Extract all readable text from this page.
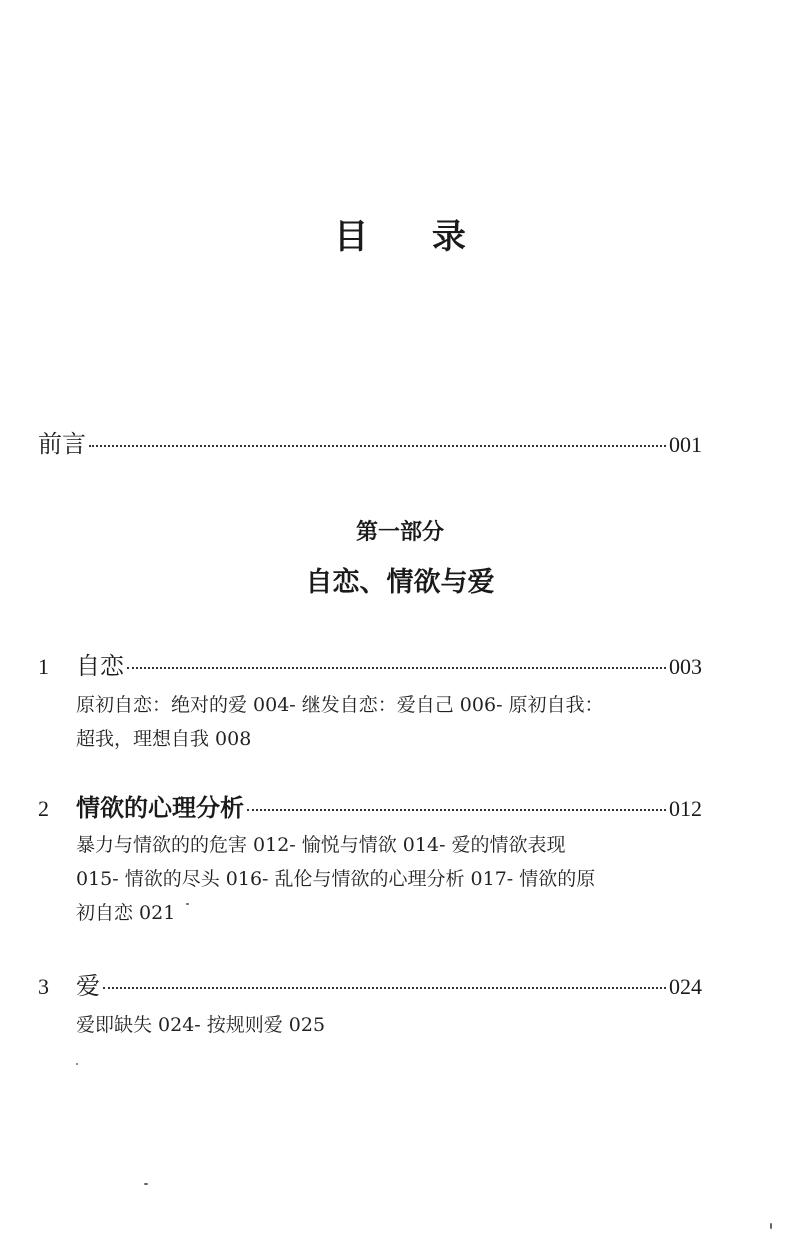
目 录
前言	001
第一部分
自恋、情欲与爱
1	自恋	003
原初自恋：绝对的爱 004- 继发自恋：爱自己 006- 原初自我：
超我，理想自我 008
2	情欲的心理分析	012
暴力与情欲的的危害 012- 愉悦与情欲 014- 爱的情欲表现
015- 情欲的尽头 016- 乱伦与情欲的心理分析 017- 情欲的原
初自恋 021
3	爱	024
爱即缺失 024- 按规则爱 025
